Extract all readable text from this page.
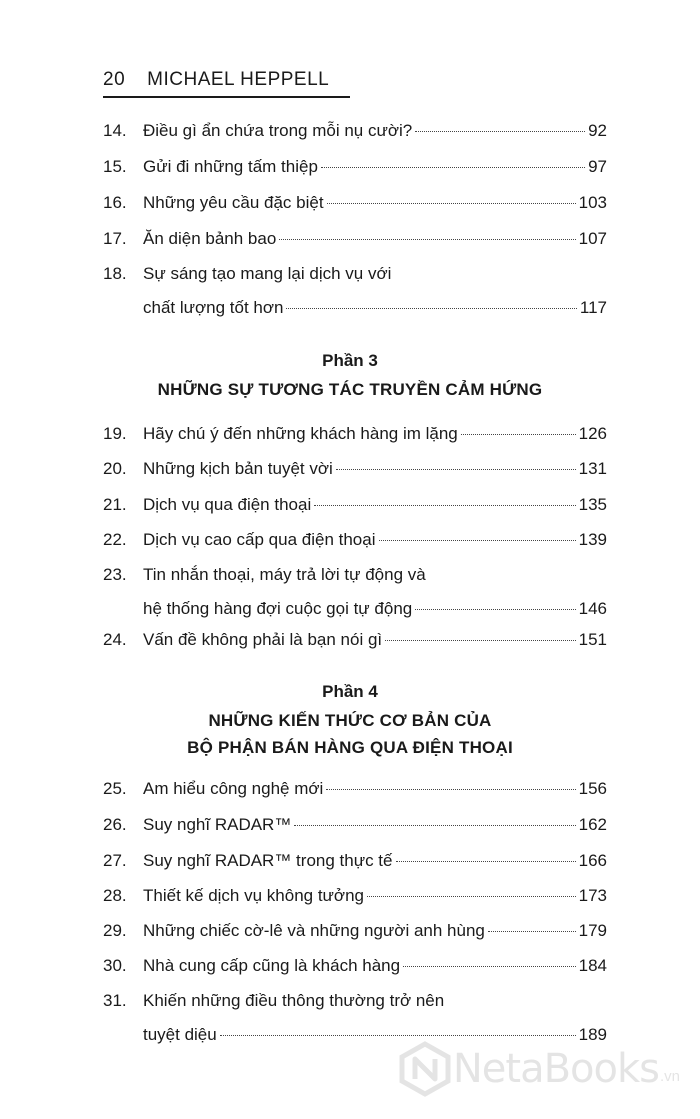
20 MICHAEL HEPPELL
14. Điều gì ẩn chứa trong mỗi nụ cười?	92
15. Gửi đi những tấm thiệp	97
16. Những yêu cầu đặc biệt	103
17. Ăn diện bảnh bao	107
18. Sự sáng tạo mang lại dịch vụ với
chất lượng tốt hơn	117
Phần 3
NHỮNG SỰ TƯƠNG TÁC TRUYỀN CẢM HỨNG
19. Hãy chú ý đến những khách hàng im lặng	126
20. Những kịch bản tuyệt vời	131
21. Dịch vụ qua điện thoại	135
22. Dịch vụ cao cấp qua điện thoại	139
23. Tin nhắn thoại, máy trả lời tự động và
hệ thống hàng đợi cuộc gọi tự động	146
24. Vấn đề không phải là bạn nói gì	151
Phần 4
NHỮNG KIẾN THỨC CƠ BẢN CỦA
BỘ PHẬN BÁN HÀNG QUA ĐIỆN THOẠI
25. Am hiểu công nghệ mới	156
26. Suy nghĩ RADAR™	162
27. Suy nghĩ RADAR™ trong thực tế	166
28. Thiết kế dịch vụ không tưởng	173
29. Những chiếc cờ-lê và những người anh hùng	179
30. Nhà cung cấp cũng là khách hàng	184
31. Khiến những điều thông thường trở nên
tuyệt diệu	189
NetaBooks .vn
